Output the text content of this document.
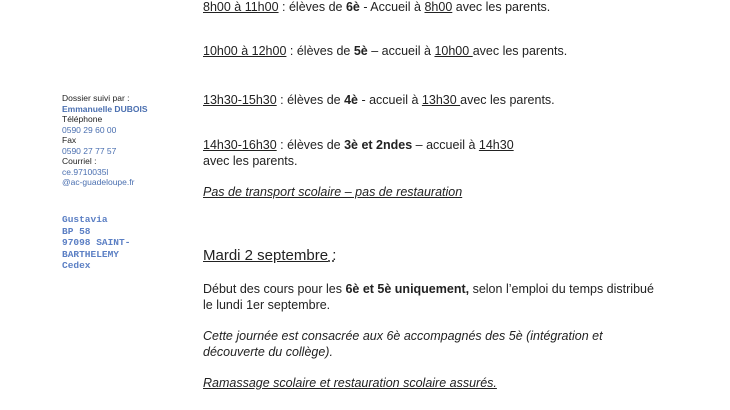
Dossier suivi par :
Emmanuelle DUBOIS
Téléphone
0590 29 60 00
Fax
0590 27 77 57
Courriel :
ce.9710035l
@ac-guadeloupe.fr
Gustavia
BP 58
97098 SAINT-
BARTHELEMY
Cedex
8h00 à 11h00 : élèves de 6è - Accueil à 8h00 avec les parents.
10h00 à 12h00 : élèves de 5è – accueil à 10h00 avec les parents.
13h30-15h30 : élèves de 4è - accueil à 13h30 avec les parents.
14h30-16h30 : élèves de 3è et 2ndes – accueil à 14h30
avec les parents.
Pas de transport scolaire – pas de restauration
Mardi 2 septembre :
Début des cours pour les 6è et 5è uniquement, selon l’emploi du temps distribué
le lundi 1er septembre.
Cette journée est consacrée aux 6è accompagnés des 5è (intégration et
découverte du collège).
Ramassage scolaire et restauration scolaire assurés.
